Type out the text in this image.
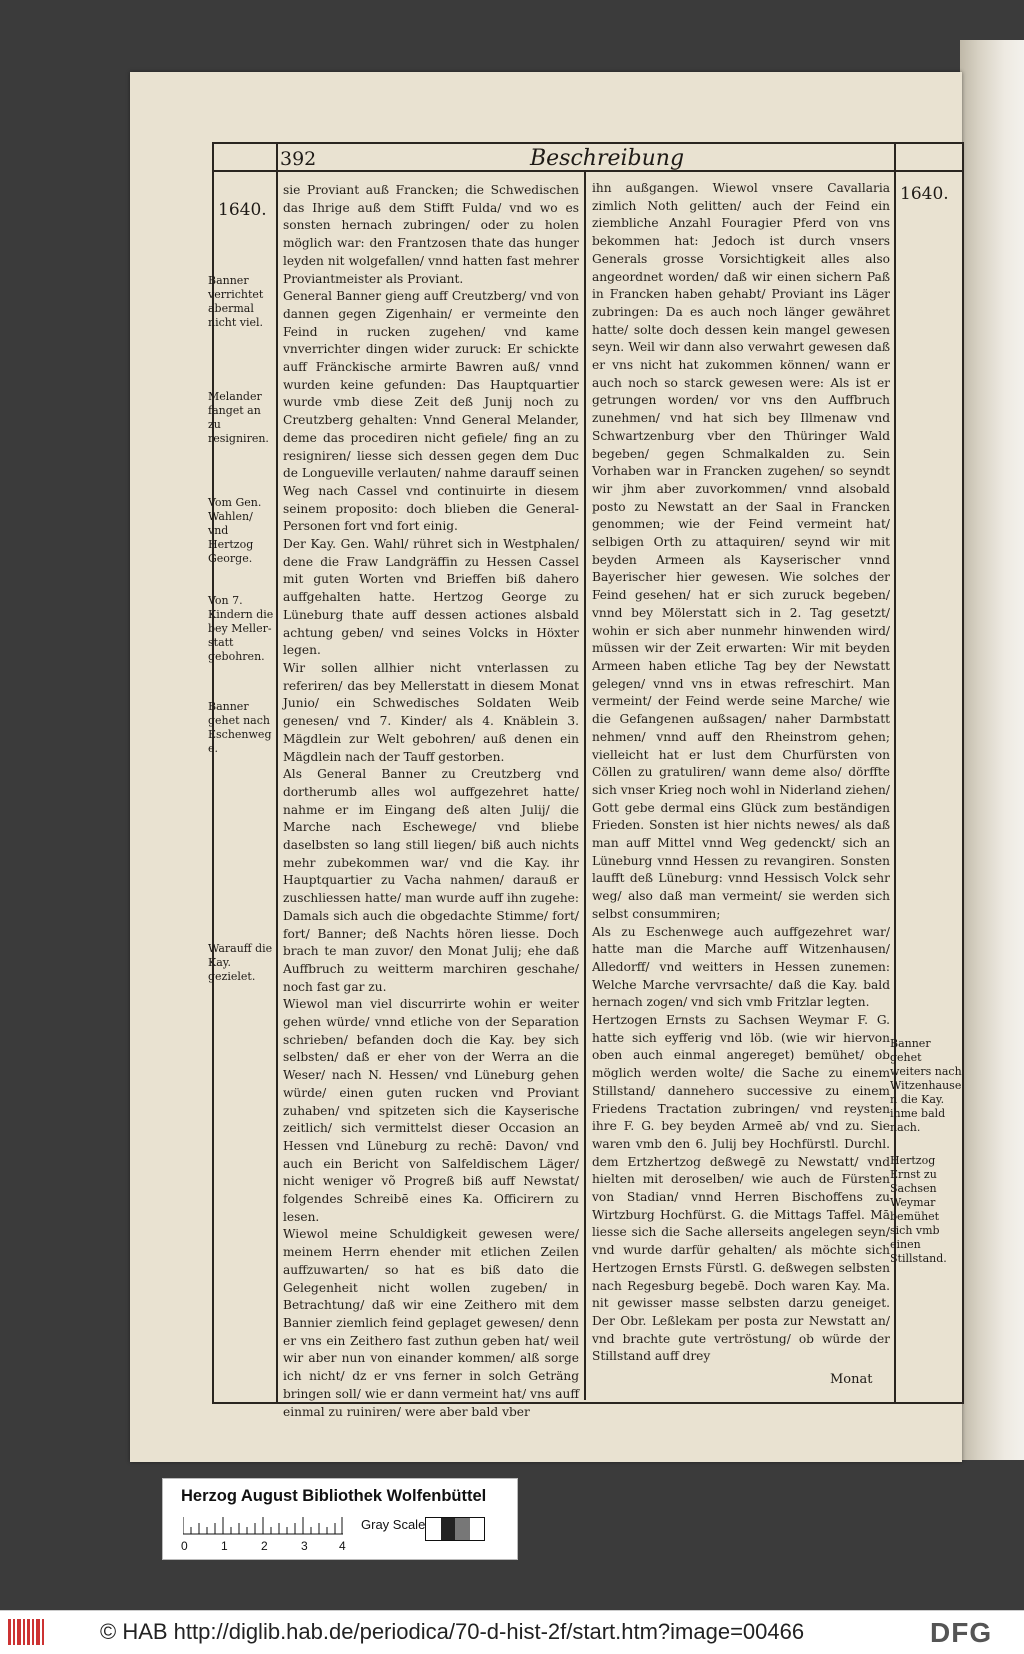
392	Beschreibung
1640.
1640.
Banner verrichtet abermal nicht viel.
Melander fanget an zu resigniren.
Vom Gen. Wahlen/ vnd Hertzog George.
Von 7. Kindern die bey Meller-statt gebohren.
Banner gehet nach Eschenwege.
Warauff die Kay. gezielet.
Banner gehet weiters nach Witzenhausen die Kay. ihme bald nach.
Hertzog Ernst zu Sachsen Weymar bemühet sich vmb einen Stillstand.

sie Proviant auß Francken; die Schwedischen das Ihrige auß dem Stifft Fulda/ vnd wo es sonsten hernach zubringen/ oder zu holen möglich war: den Frantzosen thate das hunger leyden nit wolgefallen/ vnnd hatten fast mehrer Proviantmeister als Proviant.

General Banner gieng auff Creutzberg/ vnd von dannen gegen Zigenhain/ er vermeinte den Feind in rucken zugehen/ vnd kame vnverrichter dingen wider zuruck: Er schickte auff Fränckische armirte Bawren auß/ vnnd wurden keine gefunden: Das Hauptquartier wurde vmb diese Zeit deß Junij noch zu Creutzberg gehalten: Vnnd General Melander, deme das procediren nicht gefiele/ fing an zu resigniren/ liesse sich dessen gegen dem Duc de Longueville verlauten/ nahme darauff seinen Weg nach Cassel vnd continuirte in diesem seinem proposito: doch blieben die General-Personen fort vnd fort einig.

Der Kay. Gen. Wahl/ rühret sich in Westphalen/ dene die Fraw Landgräffin zu Hessen Cassel mit guten Worten vnd Brieffen biß dahero auffgehalten hatte. Hertzog George zu Lüneburg thate auff dessen actiones alsbald achtung geben/ vnd seines Volcks in Höxter legen.

Wir sollen allhier nicht vnterlassen zu referiren/ das bey Mellerstatt in diesem Monat Junio/ ein Schwedisches Soldaten Weib genesen/ vnd 7. Kinder/ als 4. Knäblein 3. Mägdlein zur Welt gebohren/ auß denen ein Mägdlein nach der Tauff gestorben.

Als General Banner zu Creutzberg vnd dortherumb alles wol auffgezehret hatte/ nahme er im Eingang deß alten Julij/ die Marche nach Eschewege/ vnd bliebe daselbsten so lang still liegen/ biß auch nichts mehr zubekommen war/ vnd die Kay. ihr Hauptquartier zu Vacha nahmen/ darauß er zuschliessen hatte/ man wurde auff ihn zugehe: Damals sich auch die obgedachte Stimme/ fort/ fort/ Banner; deß Nachts hören liesse. Doch brach te man zuvor/ den Monat Julij; ehe daß Auffbruch zu weitterm marchiren geschahe/ noch fast gar zu.

Wiewol man viel discurrirte wohin er weiter gehen würde/ vnnd etliche von der Separation schrieben/ befanden doch die Kay. bey sich selbsten/ daß er eher von der Werra an die Weser/ nach N. Hessen/ vnd Lüneburg gehen würde/ einen guten rucken vnd Proviant zuhaben/ vnd spitzeten sich die Kayserische zeitlich/ sich vermittelst dieser Occasion an Hessen vnd Lüneburg zu rechē: Davon/ vnd auch ein Bericht von Salfeldischem Läger/ nicht weniger võ Progreß biß auff Newstat/ folgendes Schreibē eines Ka. Officirern zu lesen.

Wiewol meine Schuldigkeit gewesen were/ meinem Herrn ehender mit etlichen Zeilen auffzuwarten/ so hat es biß dato die Gelegenheit nicht wollen zugeben/ in Betrachtung/ daß wir eine Zeithero mit dem Bannier ziemlich feind geplaget gewesen/ denn er vns ein Zeithero fast zuthun geben hat/ weil wir aber nun von einander kommen/ alß sorge ich nicht/ dz er vns ferner in solch Geträng bringen soll/ wie er dann vermeint hat/ vns auff einmal zu ruiniren/ were aber bald vber

ihn außgangen. Wiewol vnsere Cavallaria zimlich Noth gelitten/ auch der Feind ein ziembliche Anzahl Fouragier Pferd von vns bekommen hat: Jedoch ist durch vnsers Generals grosse Vorsichtigkeit alles also angeordnet worden/ daß wir einen sichern Paß in Francken haben gehabt/ Proviant ins Läger zubringen: Da es auch noch länger gewähret hatte/ solte doch dessen kein mangel gewesen seyn. Weil wir dann also verwahrt gewesen daß er vns nicht hat zukommen können/ wann er auch noch so starck gewesen were: Als ist er getrungen worden/ vor vns den Auffbruch zunehmen/ vnd hat sich bey Illmenaw vnd Schwartzenburg vber den Thüringer Wald begeben/ gegen Schmalkalden zu. Sein Vorhaben war in Francken zugehen/ so seyndt wir jhm aber zuvorkommen/ vnnd alsobald posto zu Newstatt an der Saal in Francken genommen; wie der Feind vermeint hat/ selbigen Orth zu attaquiren/ seynd wir mit beyden Armeen als Kayserischer vnnd Bayerischer hier gewesen. Wie solches der Feind gesehen/ hat er sich zuruck begeben/ vnnd bey Mölerstatt sich in 2. Tag gesetzt/ wohin er sich aber nunmehr hinwenden wird/ müssen wir der Zeit erwarten: Wir mit beyden Armeen haben etliche Tag bey der Newstatt gelegen/ vnnd vns in etwas refreschirt. Man vermeint/ der Feind werde seine Marche/ wie die Gefangenen außsagen/ naher Darmbstatt nehmen/ vnnd auff den Rheinstrom gehen; vielleicht hat er lust dem Churfürsten von Cöllen zu gratuliren/ wann deme also/ dörffte sich vnser Krieg noch wohl in Niderland ziehen/ Gott gebe dermal eins Glück zum beständigen Frieden. Sonsten ist hier nichts newes/ als daß man auff Mittel vnnd Weg gedenckt/ sich an Lüneburg vnnd Hessen zu revangiren. Sonsten laufft deß Lüneburg: vnnd Hessisch Volck sehr weg/ also daß man vermeint/ sie werden sich selbst consummiren;

Als zu Eschenwege auch auffgezehret war/ hatte man die Marche auff Witzenhausen/ Alledorff/ vnd weitters in Hessen zunemen: Welche Marche vervrsachte/ daß die Kay. bald hernach zogen/ vnd sich vmb Fritzlar legten.

Hertzogen Ernsts zu Sachsen Weymar F. G. hatte sich eyfferig vnd löb. (wie wir hiervon oben auch einmal angereget) bemühet/ ob möglich werden wolte/ die Sache zu einem Stillstand/ dannehero successive zu einem Friedens Tractation zubringen/ vnd reysten ihre F. G. bey beyden Armeē ab/ vnd zu. Sie waren vmb den 6. Julij bey Hochfürstl. Durchl. dem Ertzhertzog deßwegē zu Newstatt/ vnd hielten mit deroselben/ wie auch de Fürsten von Stadian/ vnnd Herren Bischoffens zu Wirtzburg Hochfürst. G. die Mittags Taffel. Mā liesse sich die Sache allerseits angelegen seyn/ vnd wurde darfür gehalten/ als möchte sich Hertzogen Ernsts Fürstl. G. deßwegen selbsten nach Regesburg begebē. Doch waren Kay. Ma. nit gewisser masse selbsten darzu geneiget. Der Obr. Leßlekam per posta zur Newstatt an/ vnd brachte gute vertröstung/ ob würde der Stillstand auff drey

Monat
Herzog August Bibliothek Wolfenbüttel
0	1	2	3	4
Gray Scale
© HAB http://diglib.hab.de/periodica/70-d-hist-2f/start.htm?image=00466	DFG
